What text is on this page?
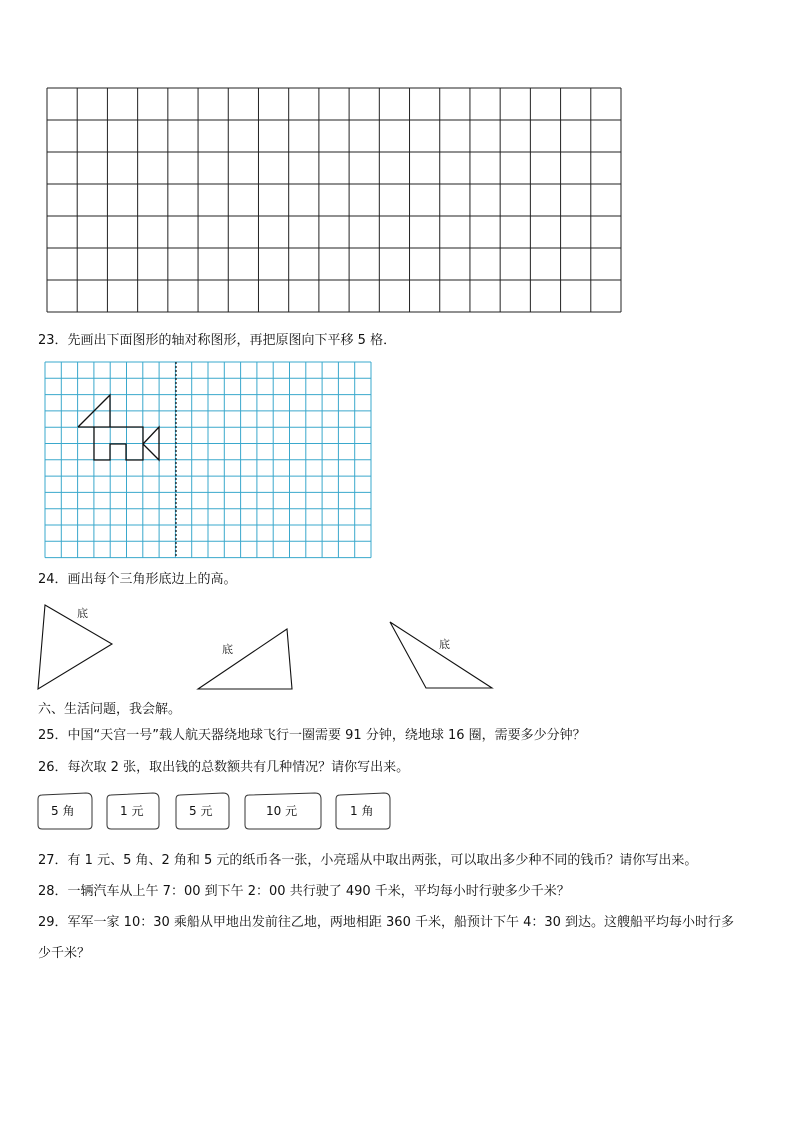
23．先画出下面图形的轴对称图形，再把原图向下平移 5 格．
24．画出每个三角形底边上的高。
底
底	底
六、生活问题，我会解。
25．中国“天宫一号”载人航天器绕地球飞行一圈需要 91 分钟，绕地球 16 圈，需要多少分钟？
26．每次取 2 张，取出钱的总数额共有几种情况？请你写出来。
5 角	1 元	5 元	10 元	1 角
27．有 1 元、5 角、2 角和 5 元的纸币各一张，小亮瑶从中取出两张，可以取出多少种不同的钱币？请你写出来。
28．一辆汽车从上午 7：00 到下午 2：00 共行驶了 490 千米，平均每小时行驶多少千米？
29．军军一家 10：30 乘船从甲地出发前往乙地，两地相距 360 千米，船预计下午 4：30 到达。这艘船平均每小时行多
少千米？
